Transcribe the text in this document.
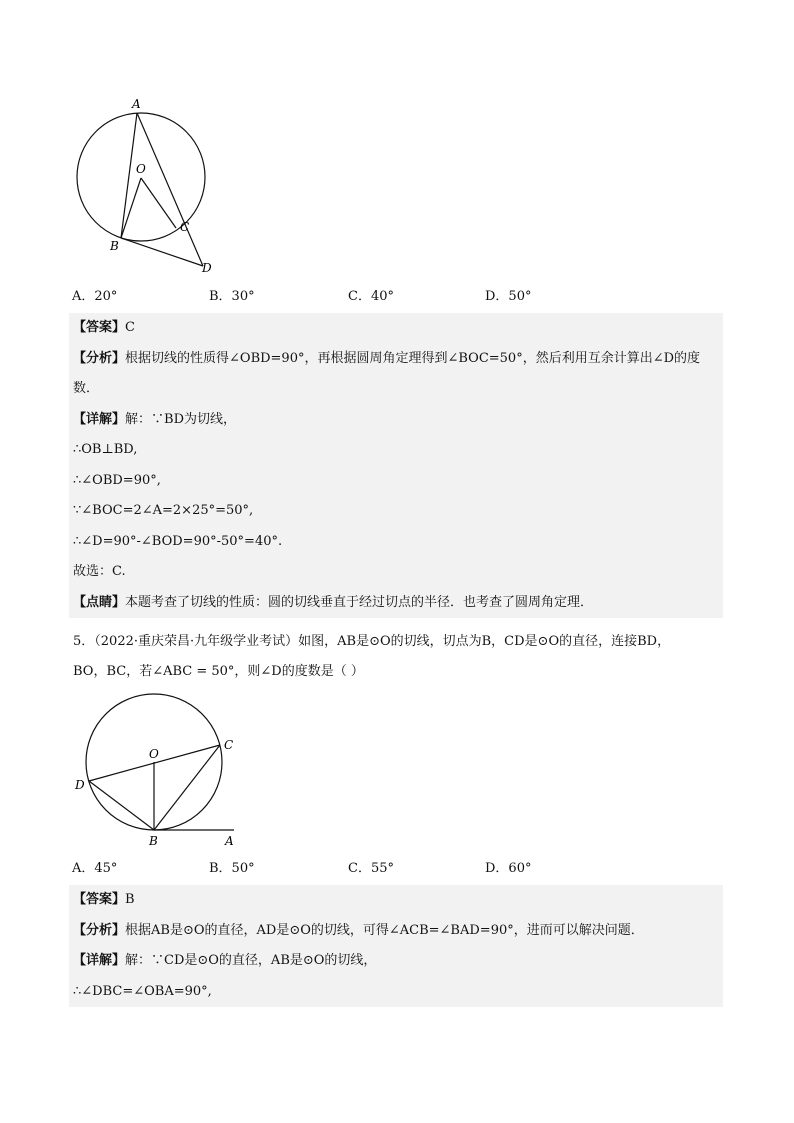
A
O
B
C
D
A．20°	B．30°	C．40°	D．50°
【答案】C
【分析】根据切线的性质得∠OBD=90°，再根据圆周角定理得到∠BOC=50°，然后利用互余计算出∠D的度数．
【详解】解：∵BD为切线，
∴OB⊥BD,
∴∠OBD=90°,
∵∠BOC=2∠A=2×25°=50°,
∴∠D=90°-∠BOD=90°-50°=40°.
故选：C.
【点睛】本题考查了切线的性质：圆的切线垂直于经过切点的半径．也考查了圆周角定理．
5．（2022·重庆荣昌·九年级学业考试）如图，AB是⊙O的切线，切点为B，CD是⊙O的直径，连接BD，
BO，BC，若∠ABC = 50°，则∠D的度数是（ ）
O
C
D
B	A
A．45°	B．50°	C．55°	D．60°
【答案】B
【分析】根据AB是⊙O的直径，AD是⊙O的切线，可得∠ACB=∠BAD=90°，进而可以解决问题．
【详解】解：∵CD是⊙O的直径，AB是⊙O的切线，
∴∠DBC=∠OBA=90°,
